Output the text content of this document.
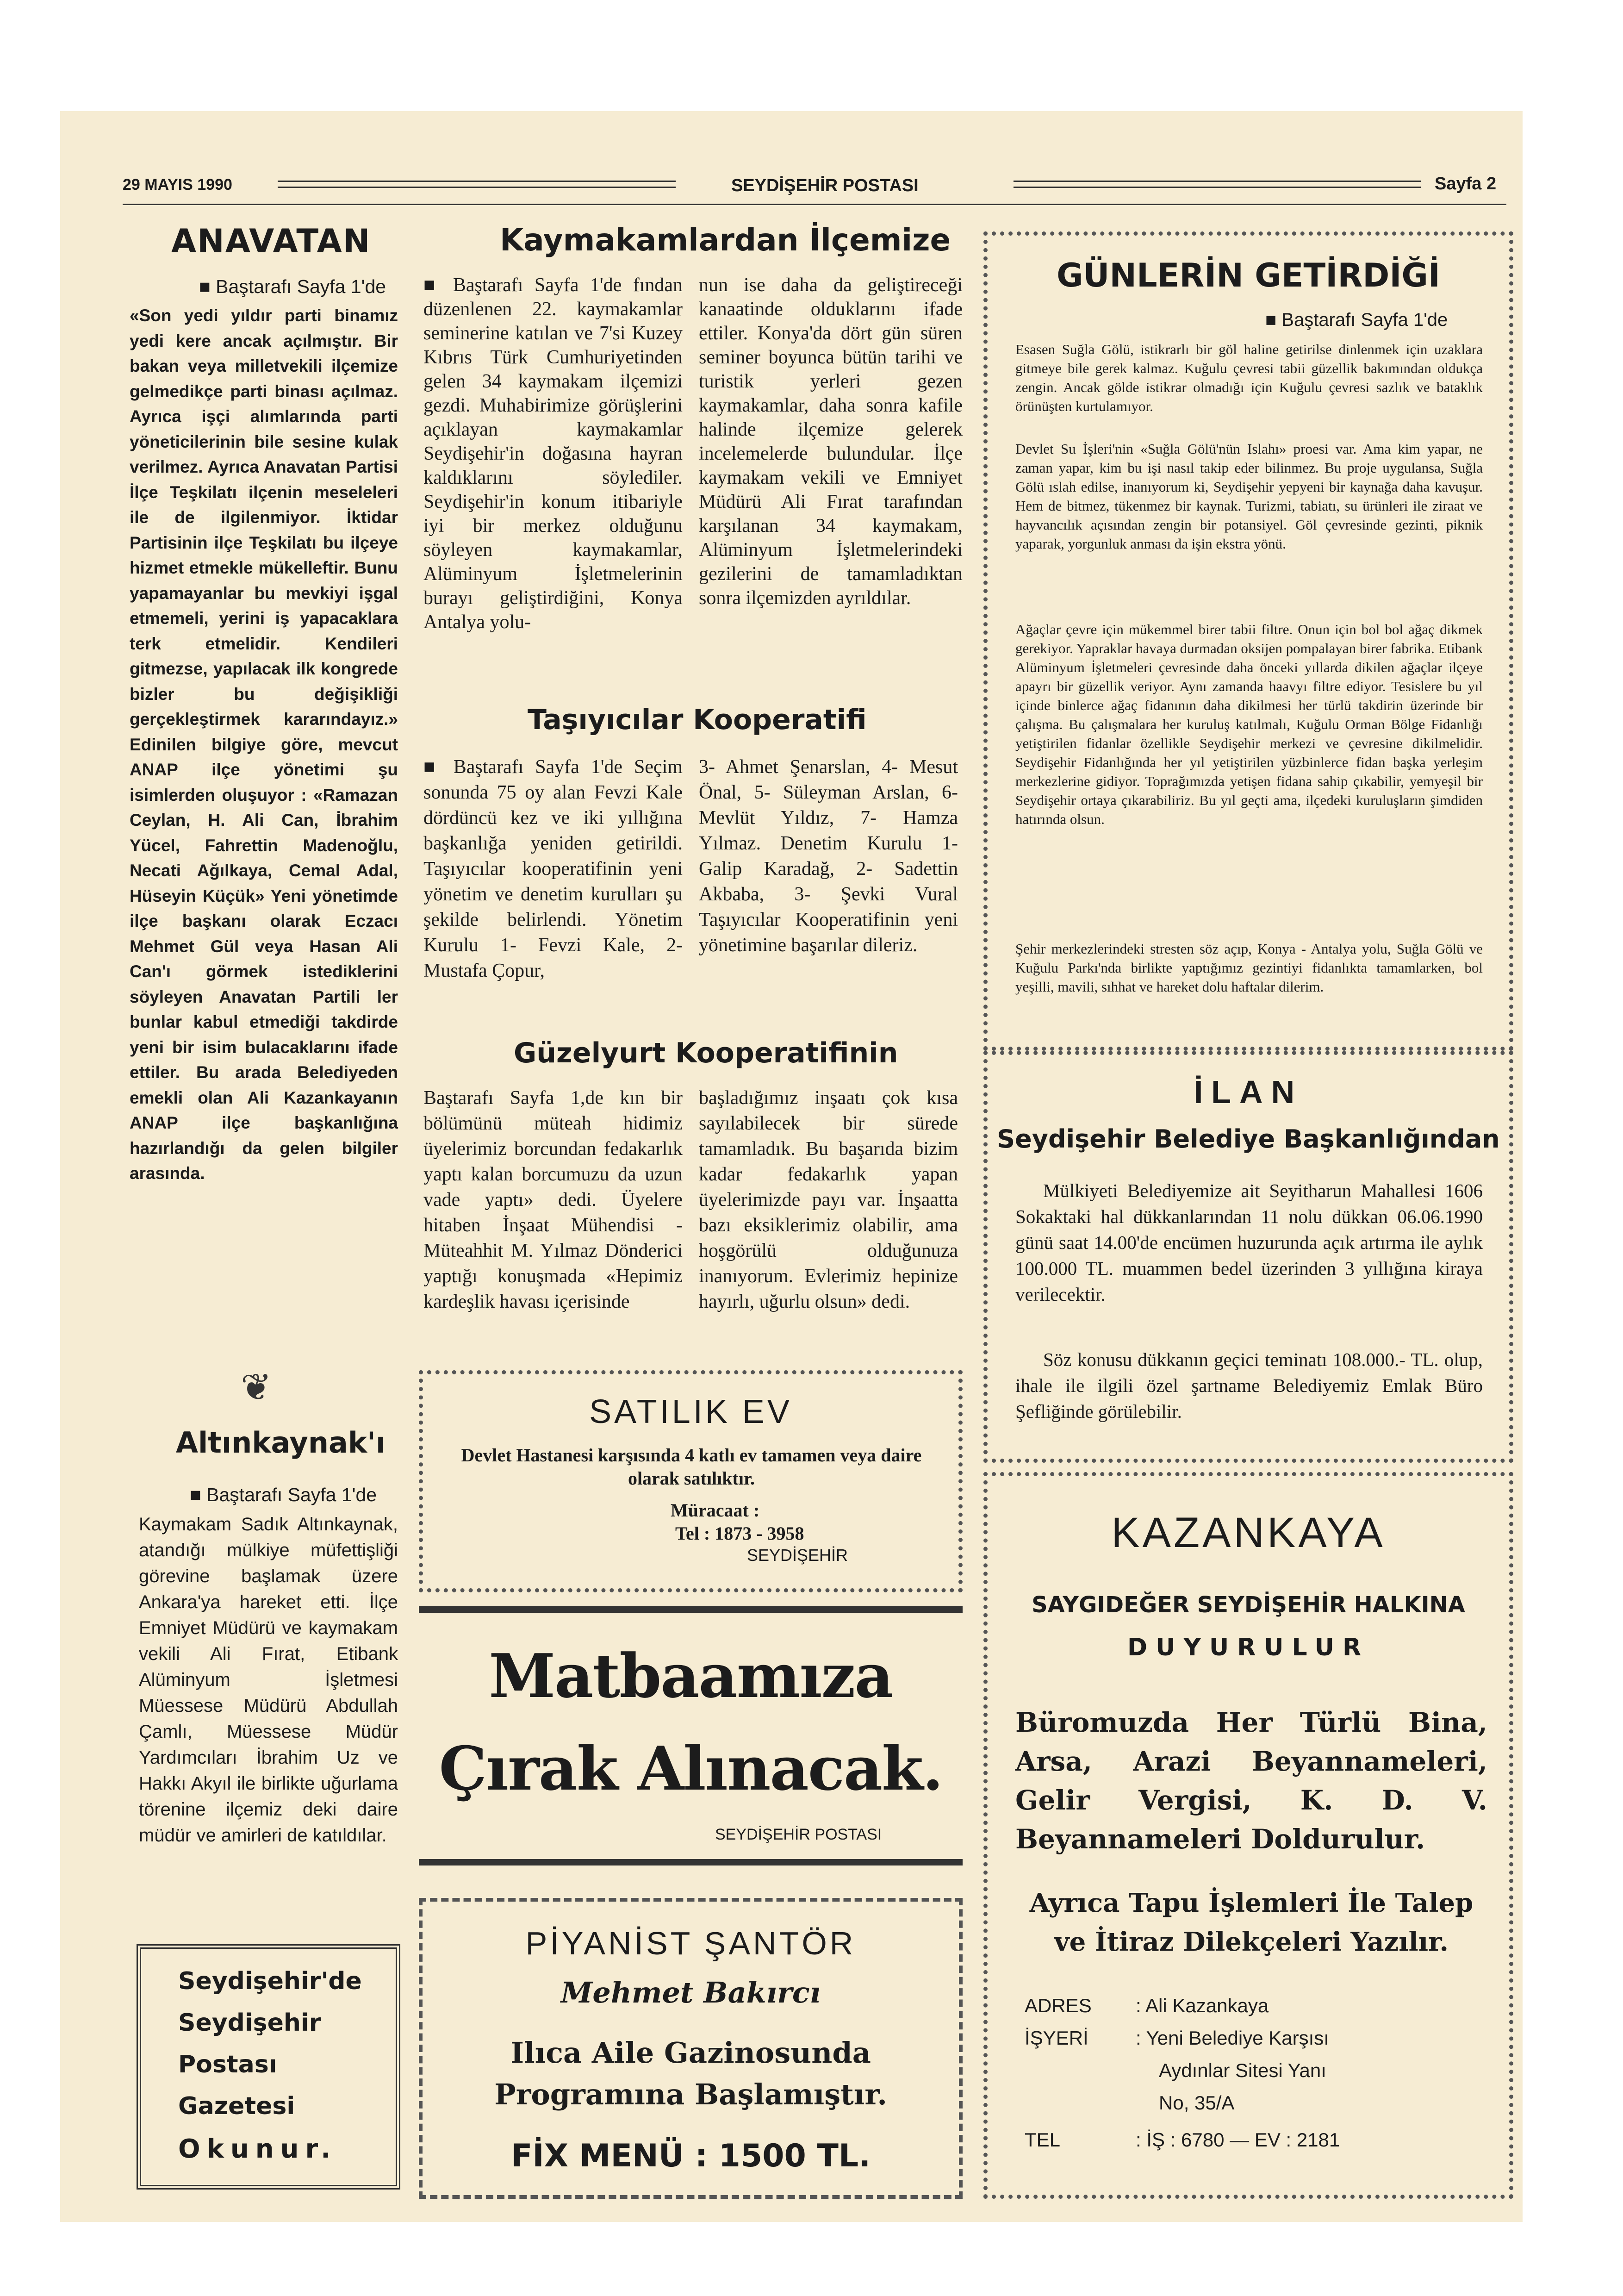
29 MAYIS 1990	SEYDİŞEHİR POSTASI	Sayfa 2
ANAVATAN
■ Baştarafı Sayfa 1'de
«Son yedi yıldır parti binamız yedi kere ancak açılmıştır. Bir bakan veya milletvekili ilçemize gelmedikçe parti binası açılmaz. Ayrıca işçi alımlarında parti yöneticilerinin bile sesine kulak verilmez. Ayrıca Anavatan Partisi İlçe Teşkilatı ilçenin meseleleri ile de ilgilenmiyor. İktidar Partisinin ilçe Teşkilatı bu ilçeye hizmet etmekle mükelleftir. Bunu yapamayanlar bu mevkiyi işgal etmemeli, yerini iş yapacaklara terk etmelidir. Kendileri gitmezse, yapılacak ilk kongrede bizler bu değişikliği gerçekleştirmek kararındayız.» Edinilen bilgiye göre, mevcut ANAP ilçe yönetimi şu isimlerden oluşuyor : «Ramazan Ceylan, H. Ali Can, İbrahim Yücel, Fahrettin Madenoğlu, Necati Ağılkaya, Cemal Adal, Hüseyin Küçük» Yeni yönetimde ilçe başkanı olarak Eczacı Mehmet Gül veya Hasan Ali Can'ı görmek istediklerini söyleyen Anavatan Partili ler bunlar kabul etmediği takdirde yeni bir isim bulacaklarını ifade ettiler. Bu arada Belediyeden emekli olan Ali Kazankayanın ANAP ilçe başkanlığına hazırlandığı da gelen bilgiler arasında.
❦
Altınkaynak'ı
■ Baştarafı Sayfa 1'de
Kaymakam Sadık Altınkaynak, atandığı mülkiye müfettişliği görevine başlamak üzere Ankara'ya hareket etti. İlçe Emniyet Müdürü ve kaymakam vekili Ali Fırat, Etibank Alüminyum İşletmesi Müessese Müdürü Abdullah Çamlı, Müessese Müdür Yardımcıları İbrahim Uz ve Hakkı Akyıl ile birlikte uğurlama törenine ilçemiz deki daire müdür ve amirleri de katıldılar.
Seydişehir'de
Seydişehir
Postası
Gazetesi
Okunur.
Kaymakamlardan İlçemize
■ Baştarafı Sayfa 1'de fından düzenlenen 22. kaymakamlar seminerine katılan ve 7'si Kuzey Kıbrıs Türk Cumhuriyetinden gelen 34 kaymakam ilçemizi gezdi. Muhabirimize görüşlerini açıklayan kaymakamlar Seydişehir'in doğasına hayran kaldıklarını söylediler. Seydişehir'in konum itibariyle iyi bir merkez olduğunu söyleyen kaymakamlar, Alüminyum İşletmelerinin burayı geliştirdiğini, Konya Antalya yolu-
nun ise daha da geliştireceği kanaatinde olduklarını ifade ettiler. Konya'da dört gün süren seminer boyunca bütün tarihi ve turistik yerleri gezen kaymakamlar, daha sonra kafile halinde ilçemize gelerek incelemelerde bulundular. İlçe kaymakam vekili ve Emniyet Müdürü Ali Fırat tarafından karşılanan 34 kaymakam, Alüminyum İşletmelerindeki gezilerini de tamamladıktan sonra ilçemizden ayrıldılar.
Taşıyıcılar Kooperatifi
■ Baştarafı Sayfa 1'de Seçim sonunda 75 oy alan Fevzi Kale dördüncü kez ve iki yıllığına başkanlığa yeniden getirildi. Taşıyıcılar kooperatifinin yeni yönetim ve denetim kurulları şu şekilde belirlendi. Yönetim Kurulu 1- Fevzi Kale, 2- Mustafa Çopur,
3- Ahmet Şenarslan, 4- Mesut Önal, 5- Süleyman Arslan, 6- Mevlüt Yıldız, 7- Hamza Yılmaz. Denetim Kurulu 1- Galip Karadağ, 2- Sadettin Akbaba, 3- Şevki Vural Taşıyıcılar Kooperatifinin yeni yönetimine başarılar dileriz.
Güzelyurt Kooperatifinin
Baştarafı Sayfa 1,de kın bir bölümünü müteah hidimiz üyelerimiz borcundan fedakarlık yaptı kalan borcumuzu da uzun vade yaptı» dedi. Üyelere hitaben İnşaat Mühendisi - Müteahhit M. Yılmaz Dönderici yaptığı konuşmada «Hepimiz kardeşlik havası içerisinde
başladığımız inşaatı çok kısa sayılabilecek bir sürede tamamladık. Bu başarıda bizim kadar fedakarlık yapan üyelerimizde payı var. İnşaatta bazı eksiklerimiz olabilir, ama hoşgörülü olduğunuza inanıyorum. Evlerimiz hepinize hayırlı, uğurlu olsun» dedi.
SATILIK EV
Devlet Hastanesi karşısında 4 katlı ev tamamen veya daire olarak satılıktır.
Müracaat :
Tel : 1873 - 3958
SEYDİŞEHİR
Matbaamıza
Çırak Alınacak.
SEYDİŞEHİR POSTASI
PİYANİST ŞANTÖR
Mehmet Bakırcı
Ilıca Aile Gazinosunda
Programına Başlamıştır.
FİX MENÜ : 1500 TL.
GÜNLERİN GETİRDİĞİ
■ Baştarafı Sayfa 1'de
Esasen Suğla Gölü, istikrarlı bir göl haline getirilse dinlenmek için uzaklara gitmeye bile gerek kalmaz. Kuğulu çevresi tabii güzellik bakımından oldukça zengin. Ancak gölde istikrar olmadığı için Kuğulu çevresi sazlık ve bataklık örünüşten kurtulamıyor.
Devlet Su İşleri'nin «Suğla Gölü'nün Islahı» proesi var. Ama kim yapar, ne zaman yapar, kim bu işi nasıl takip eder bilinmez. Bu proje uygulansa, Suğla Gölü ıslah edilse, inanıyorum ki, Seydişehir yepyeni bir kaynağa daha kavuşur. Hem de bitmez, tükenmez bir kaynak. Turizmi, tabiatı, su ürünleri ile ziraat ve hayvancılık açısından zengin bir potansiyel. Göl çevresinde gezinti, piknik yaparak, yorgunluk anması da işin ekstra yönü.
Ağaçlar çevre için mükemmel birer tabii filtre. Onun için bol bol ağaç dikmek gerekiyor. Yapraklar havaya durmadan oksijen pompalayan birer fabrika. Etibank Alüminyum İşletmeleri çevresinde daha önceki yıllarda dikilen ağaçlar ilçeye apayrı bir güzellik veriyor. Aynı zamanda haavyı filtre ediyor. Tesislere bu yıl içinde binlerce ağaç fidanının daha dikilmesi her türlü takdirin üzerinde bir çalışma. Bu çalışmalara her kuruluş katılmalı, Kuğulu Orman Bölge Fidanlığı yetiştirilen fidanlar özellikle Seydişehir merkezi ve çevresine dikilmelidir. Seydişehir Fidanlığında her yıl yetiştirilen yüzbinlerce fidan başka yerleşim merkezlerine gidiyor. Toprağımızda yetişen fidana sahip çıkabilir, yemyeşil bir Seydişehir ortaya çıkarabiliriz. Bu yıl geçti ama, ilçedeki kuruluşların şimdiden hatırında olsun.
Şehir merkezlerindeki stresten söz açıp, Konya - Antalya yolu, Suğla Gölü ve Kuğulu Parkı'nda birlikte yaptığımız gezintiyi fidanlıkta tamamlarken, bol yeşilli, mavili, sıhhat ve hareket dolu haftalar dilerim.
İLAN
Seydişehir Belediye Başkanlığından
Mülkiyeti Belediyemize ait Seyitharun Mahallesi 1606 Sokaktaki hal dükkanlarından 11 nolu dükkan 06.06.1990 günü saat 14.00'de encümen huzurunda açık artırma ile aylık 100.000 TL. muammen bedel üzerinden 3 yıllığına kiraya verilecektir.
Söz konusu dükkanın geçici teminatı 108.000.- TL. olup, ihale ile ilgili özel şartname Belediyemiz Emlak Büro Şefliğinde görülebilir.
KAZANKAYA
SAYGIDEĞER SEYDİŞEHİR HALKINA
DUYURULUR
Büromuzda Her Türlü Bina, Arsa, Arazi Beyannameleri, Gelir Vergisi, K. D. V. Beyannameleri Doldurulur.
Ayrıca Tapu İşlemleri İle Talep ve İtiraz Dilekçeleri Yazılır.
ADRES : Ali Kazankaya
İŞYERİ : Yeni Belediye Karşısı
Aydınlar Sitesi Yanı
No, 35/A
TEL	: İŞ : 6780 — EV : 2181
